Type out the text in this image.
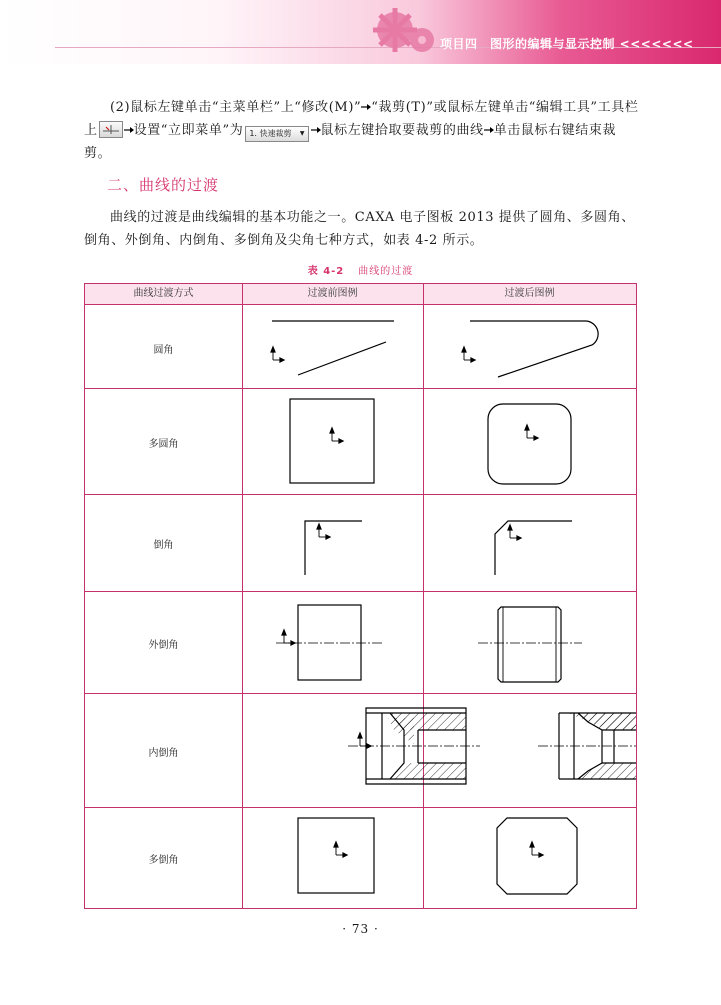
项目四　图形的编辑与显示控制 <<<<<<<
(2)鼠标左键单击“主菜单栏”上“修改(M)” “裁剪(T)”或鼠标左键单击“编辑工具”工具栏上	设置“立即菜单”为 1. 快速裁剪 ▼ 鼠标左键拾取要裁剪的曲线 单击鼠标右键结束裁剪。
二、曲线的过渡
曲线的过渡是曲线编辑的基本功能之一。CAXA 电子图板 2013 提供了圆角、多圆角、倒角、外倒角、内倒角、多倒角及尖角七种方式，如表 4-2 所示。
表 4-2 曲线的过渡
曲线过渡方式	过渡前图例	过渡后图例
圆角
多圆角
倒角
外倒角
内倒角
多倒角
· 73 ·
